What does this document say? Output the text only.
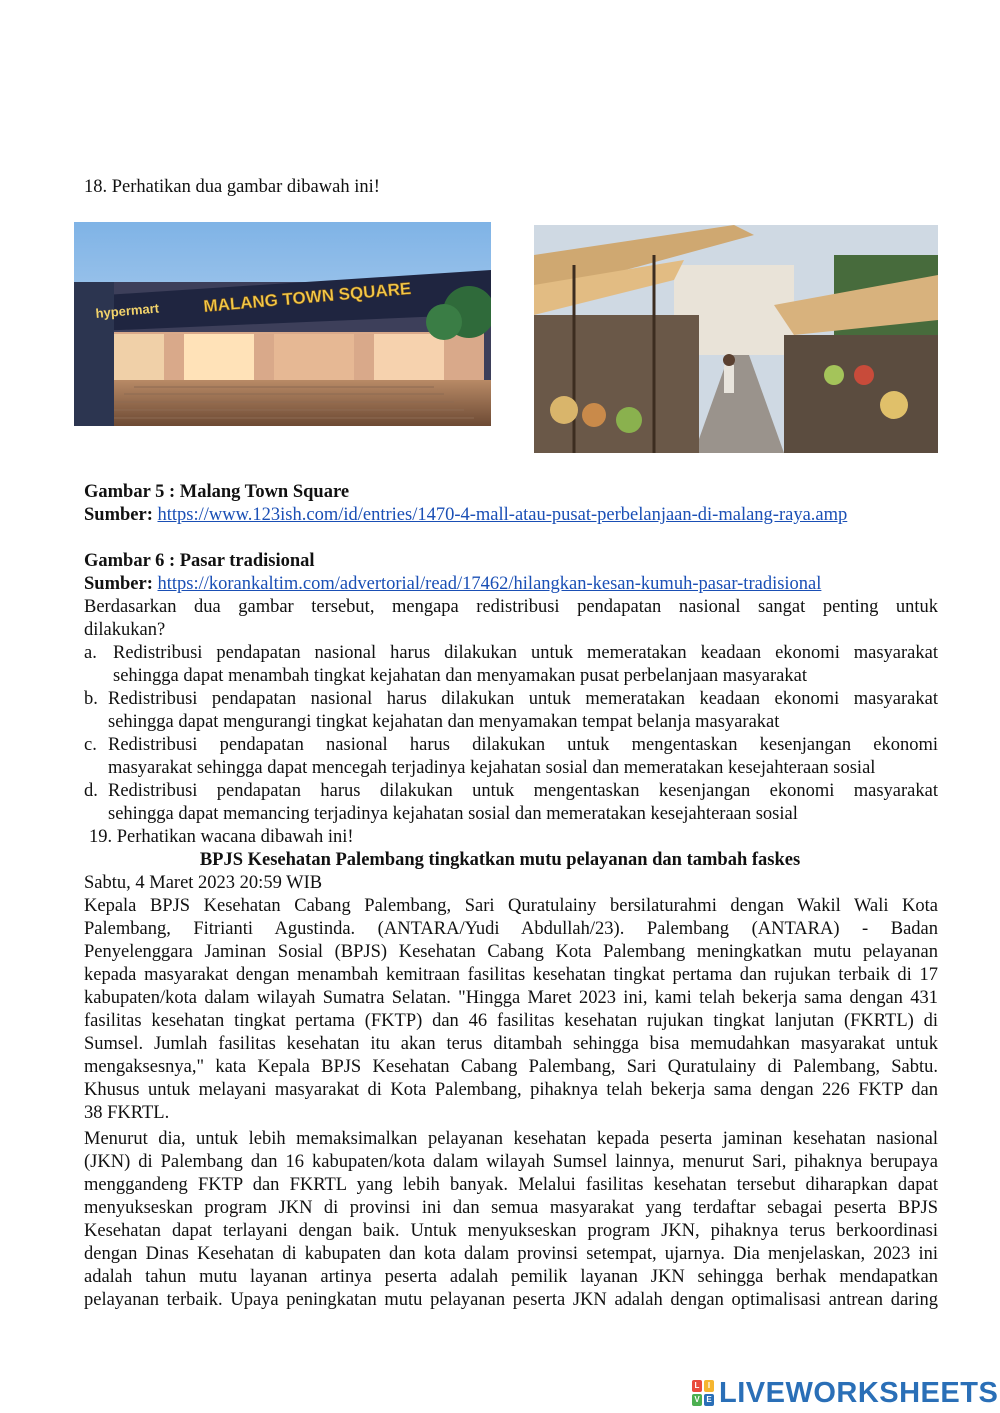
18. Perhatikan dua gambar dibawah ini!
hypermart	MALANG TOWN SQUARE
Gambar 5 : Malang Town Square
Sumber: https://www.123ish.com/id/entries/1470-4-mall-atau-pusat-perbelanjaan-di-malang-raya.amp
Gambar 6 : Pasar tradisional
Sumber: https://korankaltim.com/advertorial/read/17462/hilangkan-kesan-kumuh-pasar-tradisional
Berdasarkan dua gambar tersebut, mengapa redistribusi pendapatan nasional sangat penting untuk
dilakukan?
a. Redistribusi pendapatan nasional harus dilakukan untuk memeratakan keadaan ekonomi masyarakat
sehingga dapat menambah tingkat kejahatan dan menyamakan pusat perbelanjaan masyarakat
b. Redistribusi pendapatan nasional harus dilakukan untuk memeratakan keadaan ekonomi masyarakat
sehingga dapat mengurangi tingkat kejahatan dan menyamakan tempat belanja masyarakat
c. Redistribusi pendapatan nasional harus dilakukan untuk mengentaskan kesenjangan ekonomi
masyarakat sehingga dapat mencegah terjadinya kejahatan sosial dan memeratakan kesejahteraan sosial
d. Redistribusi pendapatan harus dilakukan untuk mengentaskan kesenjangan ekonomi masyarakat
sehingga dapat memancing terjadinya kejahatan sosial dan memeratakan kesejahteraan sosial
19. Perhatikan wacana dibawah ini!
BPJS Kesehatan Palembang tingkatkan mutu pelayanan dan tambah faskes
Sabtu, 4 Maret 2023 20:59 WIB
Kepala BPJS Kesehatan Cabang Palembang, Sari Quratulainy bersilaturahmi dengan Wakil Wali Kota
Palembang, Fitrianti Agustinda. (ANTARA/Yudi Abdullah/23). Palembang (ANTARA) - Badan
Penyelenggara Jaminan Sosial (BPJS) Kesehatan Cabang Kota Palembang meningkatkan mutu pelayanan
kepada masyarakat dengan menambah kemitraan fasilitas kesehatan tingkat pertama dan rujukan terbaik di 17
kabupaten/kota dalam wilayah Sumatra Selatan. "Hingga Maret 2023 ini, kami telah bekerja sama dengan 431
fasilitas kesehatan tingkat pertama (FKTP) dan 46 fasilitas kesehatan rujukan tingkat lanjutan (FKRTL) di
Sumsel. Jumlah fasilitas kesehatan itu akan terus ditambah sehingga bisa memudahkan masyarakat untuk
mengaksesnya," kata Kepala BPJS Kesehatan Cabang Palembang, Sari Quratulainy di Palembang, Sabtu.
Khusus untuk melayani masyarakat di Kota Palembang, pihaknya telah bekerja sama dengan 226 FKTP dan
38 FKRTL.
Menurut dia, untuk lebih memaksimalkan pelayanan kesehatan kepada peserta jaminan kesehatan nasional
(JKN) di Palembang dan 16 kabupaten/kota dalam wilayah Sumsel lainnya, menurut Sari, pihaknya berupaya
menggandeng FKTP dan FKRTL yang lebih banyak. Melalui fasilitas kesehatan tersebut diharapkan dapat
menyukseskan program JKN di provinsi ini dan semua masyarakat yang terdaftar sebagai peserta BPJS
Kesehatan dapat terlayani dengan baik. Untuk menyukseskan program JKN, pihaknya terus berkoordinasi
dengan Dinas Kesehatan di kabupaten dan kota dalam provinsi setempat, ujarnya. Dia menjelaskan, 2023 ini
adalah tahun mutu layanan artinya peserta adalah pemilik layanan JKN sehingga berhak mendapatkan
pelayanan terbaik. Upaya peningkatan mutu pelayanan peserta JKN adalah dengan optimalisasi antrean daring
L	I
V E LIVEWORKSHEETS
